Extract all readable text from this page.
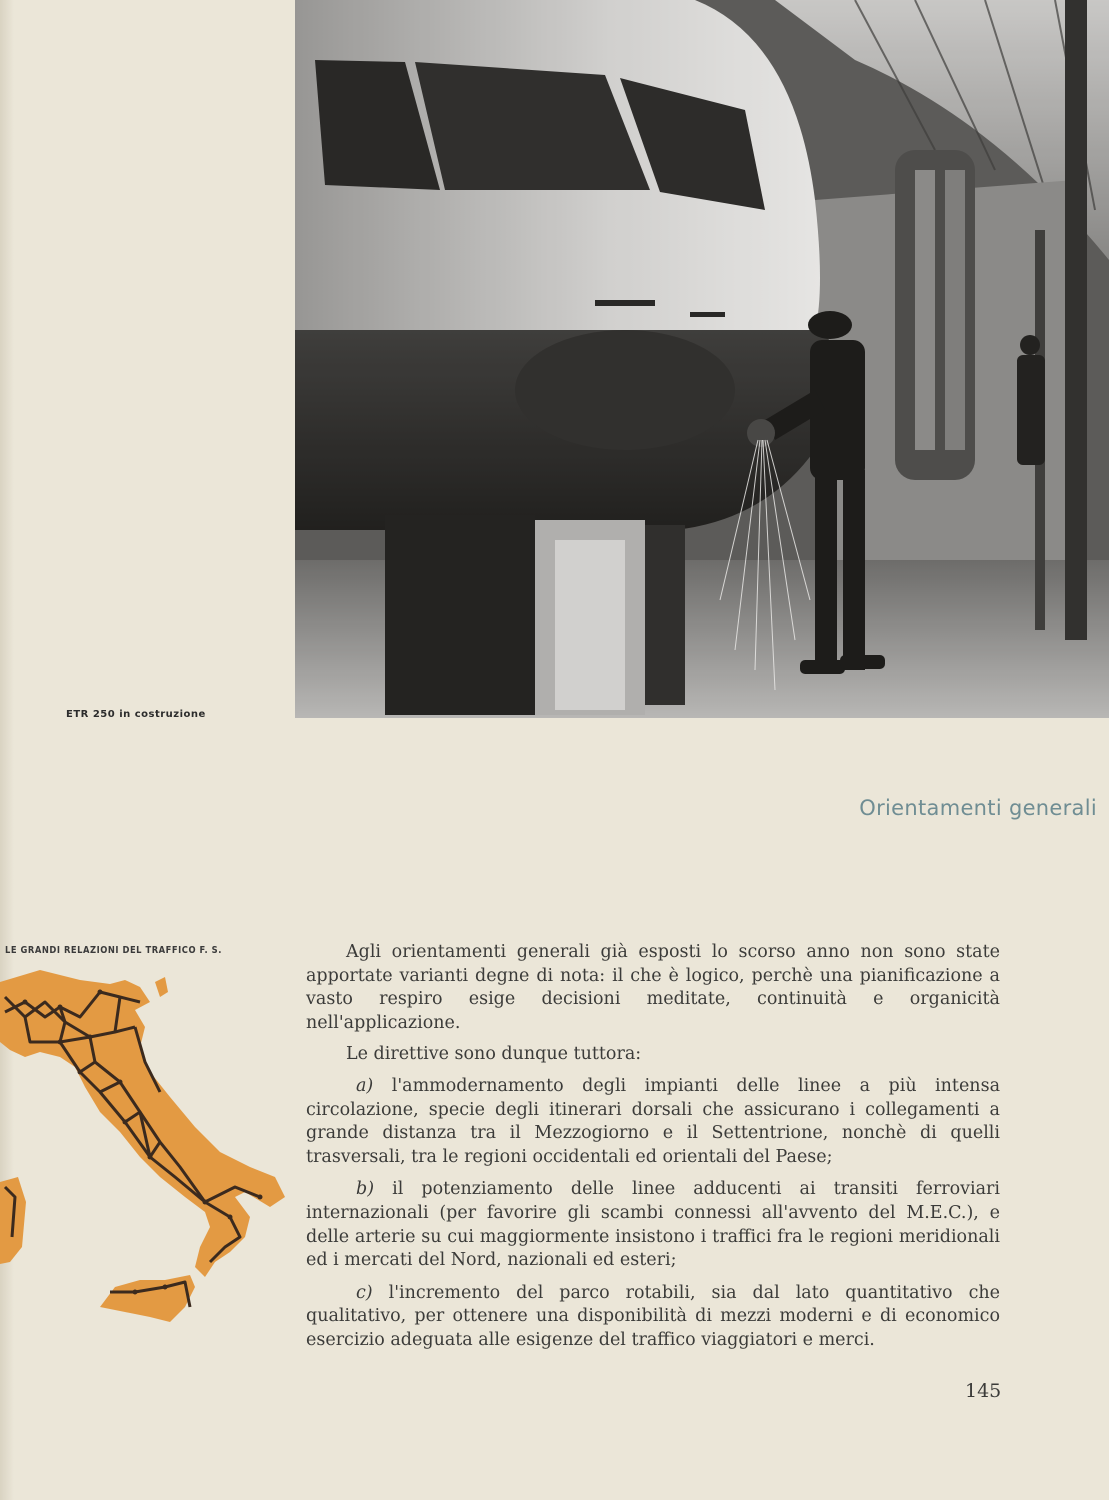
ETR 250 in costruzione
Orientamenti generali
LE GRANDI RELAZIONI DEL TRAFFICO F. S.	Agli orientamenti generali già esposti lo scorso anno non sono state apportate varianti degne di nota: il che è logico, perchè una pianificazione a vasto respiro esige decisioni meditate, continuità e organicità nell'applicazione.

Le direttive sono dunque tuttora:

a) l'ammodernamento degli impianti delle linee a più intensa circolazione, specie degli itinerari dorsali che assicurano i collegamenti a grande distanza tra il Mezzogiorno e il Settentrione, nonchè di quelli trasversali, tra le regioni occidentali ed orientali del Paese;

b) il potenziamento delle linee adducenti ai transiti ferroviari internazionali (per favorire gli scambi connessi all'avvento del M.E.C.), e delle arterie su cui maggiormente insistono i traffici fra le regioni meridionali ed i mercati del Nord, nazionali ed esteri;

c) l'incremento del parco rotabili, sia dal lato quantitativo che qualitativo, per ottenere una disponibilità di mezzi moderni e di economico esercizio adeguata alle esigenze del traffico viaggiatori e merci.

145
